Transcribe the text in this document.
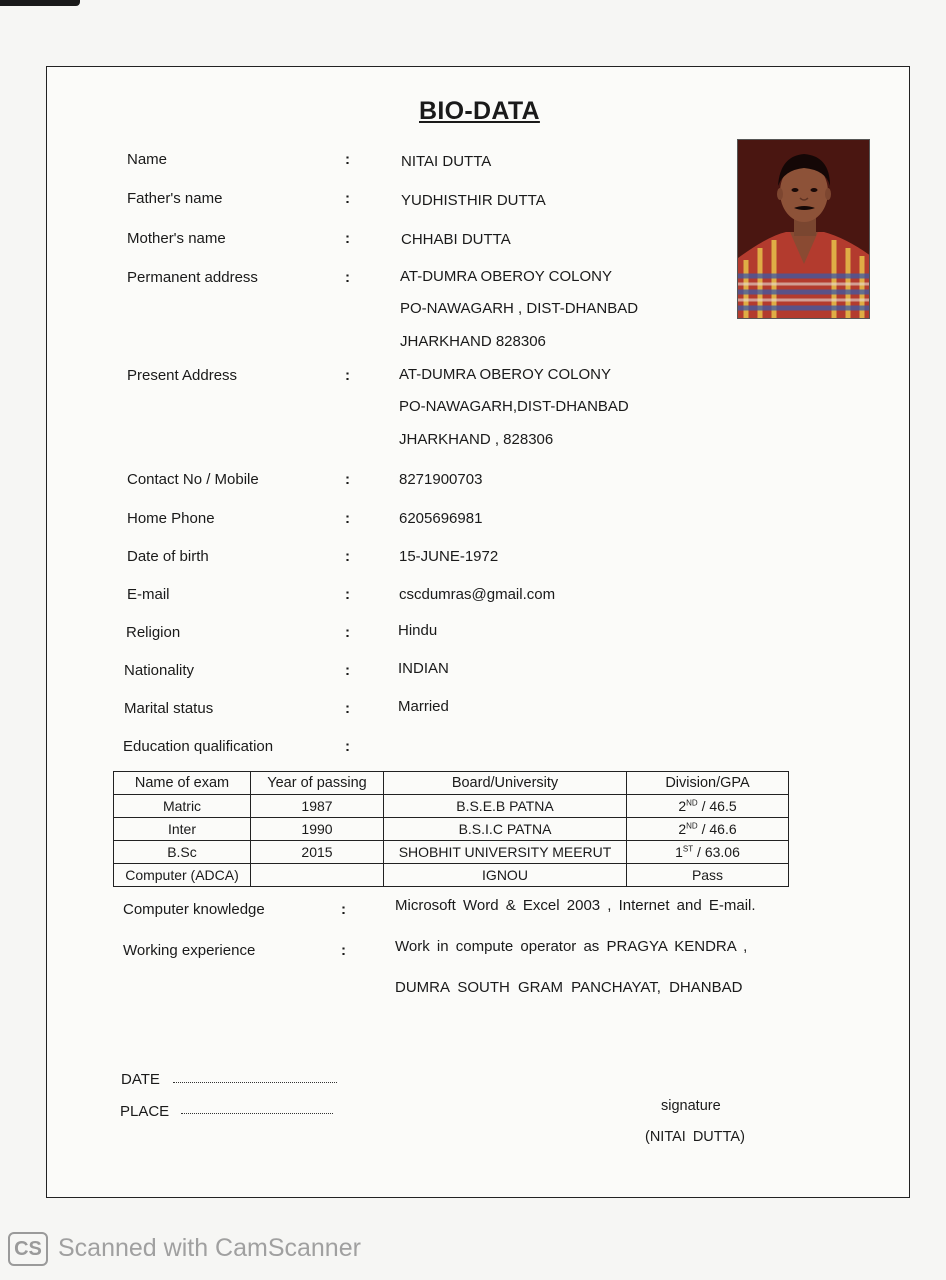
BIO-DATA
Name	:	NITAI DUTTA
Father's name	:	YUDHISTHIR DUTTA
Mother's name	:	CHHABI DUTTA
Permanent address	:	AT-DUMRA OBEROY COLONY
PO-NAWAGARH , DIST-DHANBAD
JHARKHAND 828306
Present Address	:	AT-DUMRA OBEROY COLONY
PO-NAWAGARH,DIST-DHANBAD
JHARKHAND , 828306
Contact No / Mobile	:	8271900703
Home Phone	:	6205696981
Date of birth	:	15-JUNE-1972
E-mail	:	cscdumras@gmail.com
Religion	:	Hindu
Nationality	:	INDIAN
Marital status	:	Married
Education qualification	:
Name of exam	Year of passing	Board/University	Division/GPA
Matric	1987	B.S.E.B PATNA	2ND / 46.5
Inter	1990	B.S.I.C PATNA	2ND / 46.6
B.Sc	2015	SHOBHIT UNIVERSITY MEERUT	1ST / 63.06
Computer (ADCA)		IGNOU	Pass
Computer knowledge	:	Microsoft Word & Excel 2003 , Internet and E-mail.
Working experience	:	Work in compute operator as PRAGYA KENDRA ,
DUMRA SOUTH GRAM PANCHAYAT, DHANBAD
DATE
PLACE	signature
(NITAI DUTTA)
CS Scanned with CamScanner
